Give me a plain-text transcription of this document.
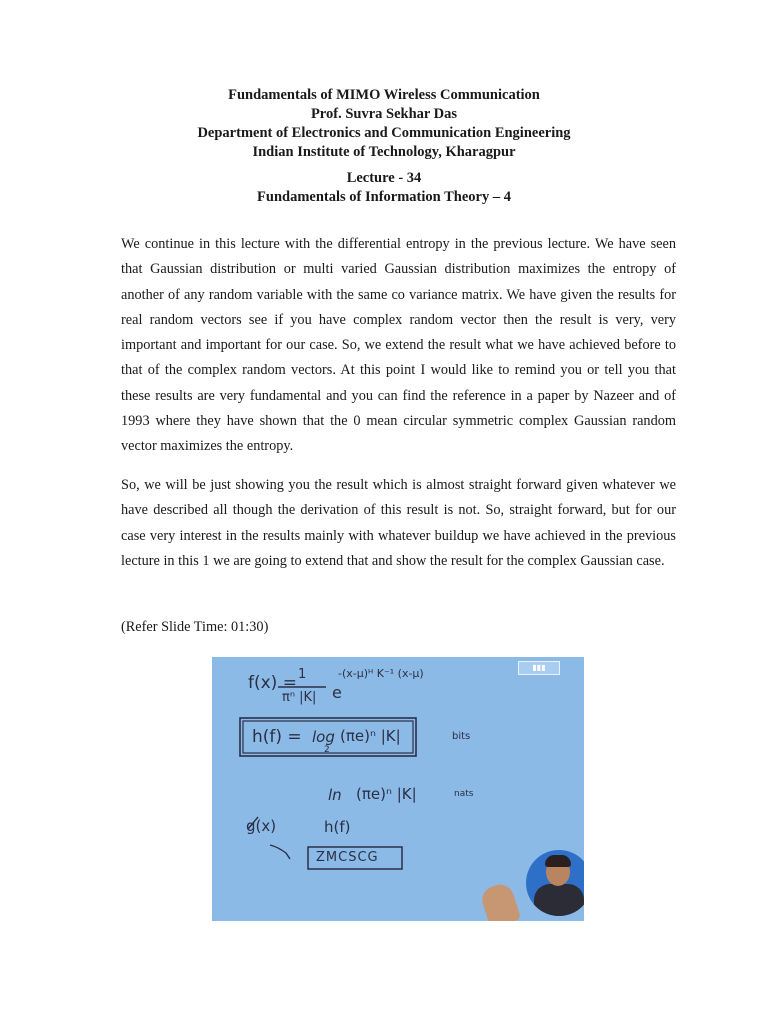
Fundamentals of MIMO Wireless Communication
Prof. Suvra Sekhar Das
Department of Electronics and Communication Engineering
Indian Institute of Technology, Kharagpur
Lecture - 34
Fundamentals of Information Theory – 4

We continue in this lecture with the differential entropy in the previous lecture. We have seen that Gaussian distribution or multi varied Gaussian distribution maximizes the entropy of another of any random variable with the same co variance matrix. We have given the results for real random vectors see if you have complex random vector then the result is very, very important and important for our case. So, we extend the result what we have achieved before to that of the complex random vectors. At this point I would like to remind you or tell you that these results are very fundamental and you can find the reference in a paper by Nazeer and of 1993 where they have shown that the 0 mean circular symmetric complex Gaussian random vector maximizes the entropy.

So, we will be just showing you the result which is almost straight forward given whatever we have described all though the derivation of this result is not. So, straight forward, but for our case very interest in the results mainly with whatever buildup we have achieved in the previous lecture in this 1 we are going to extend that and show the result for the complex Gaussian case.

(Refer Slide Time: 01:30)

f(x) = 1
πⁿ |K| e
-(x-μ)ᴴ K⁻¹ (x-μ)
h(f) = log
2
(πe)ⁿ |K|	bits
ln (πe)ⁿ |K|	nats
g(x)	h(f)
ZMCSCG
▮▮▮
